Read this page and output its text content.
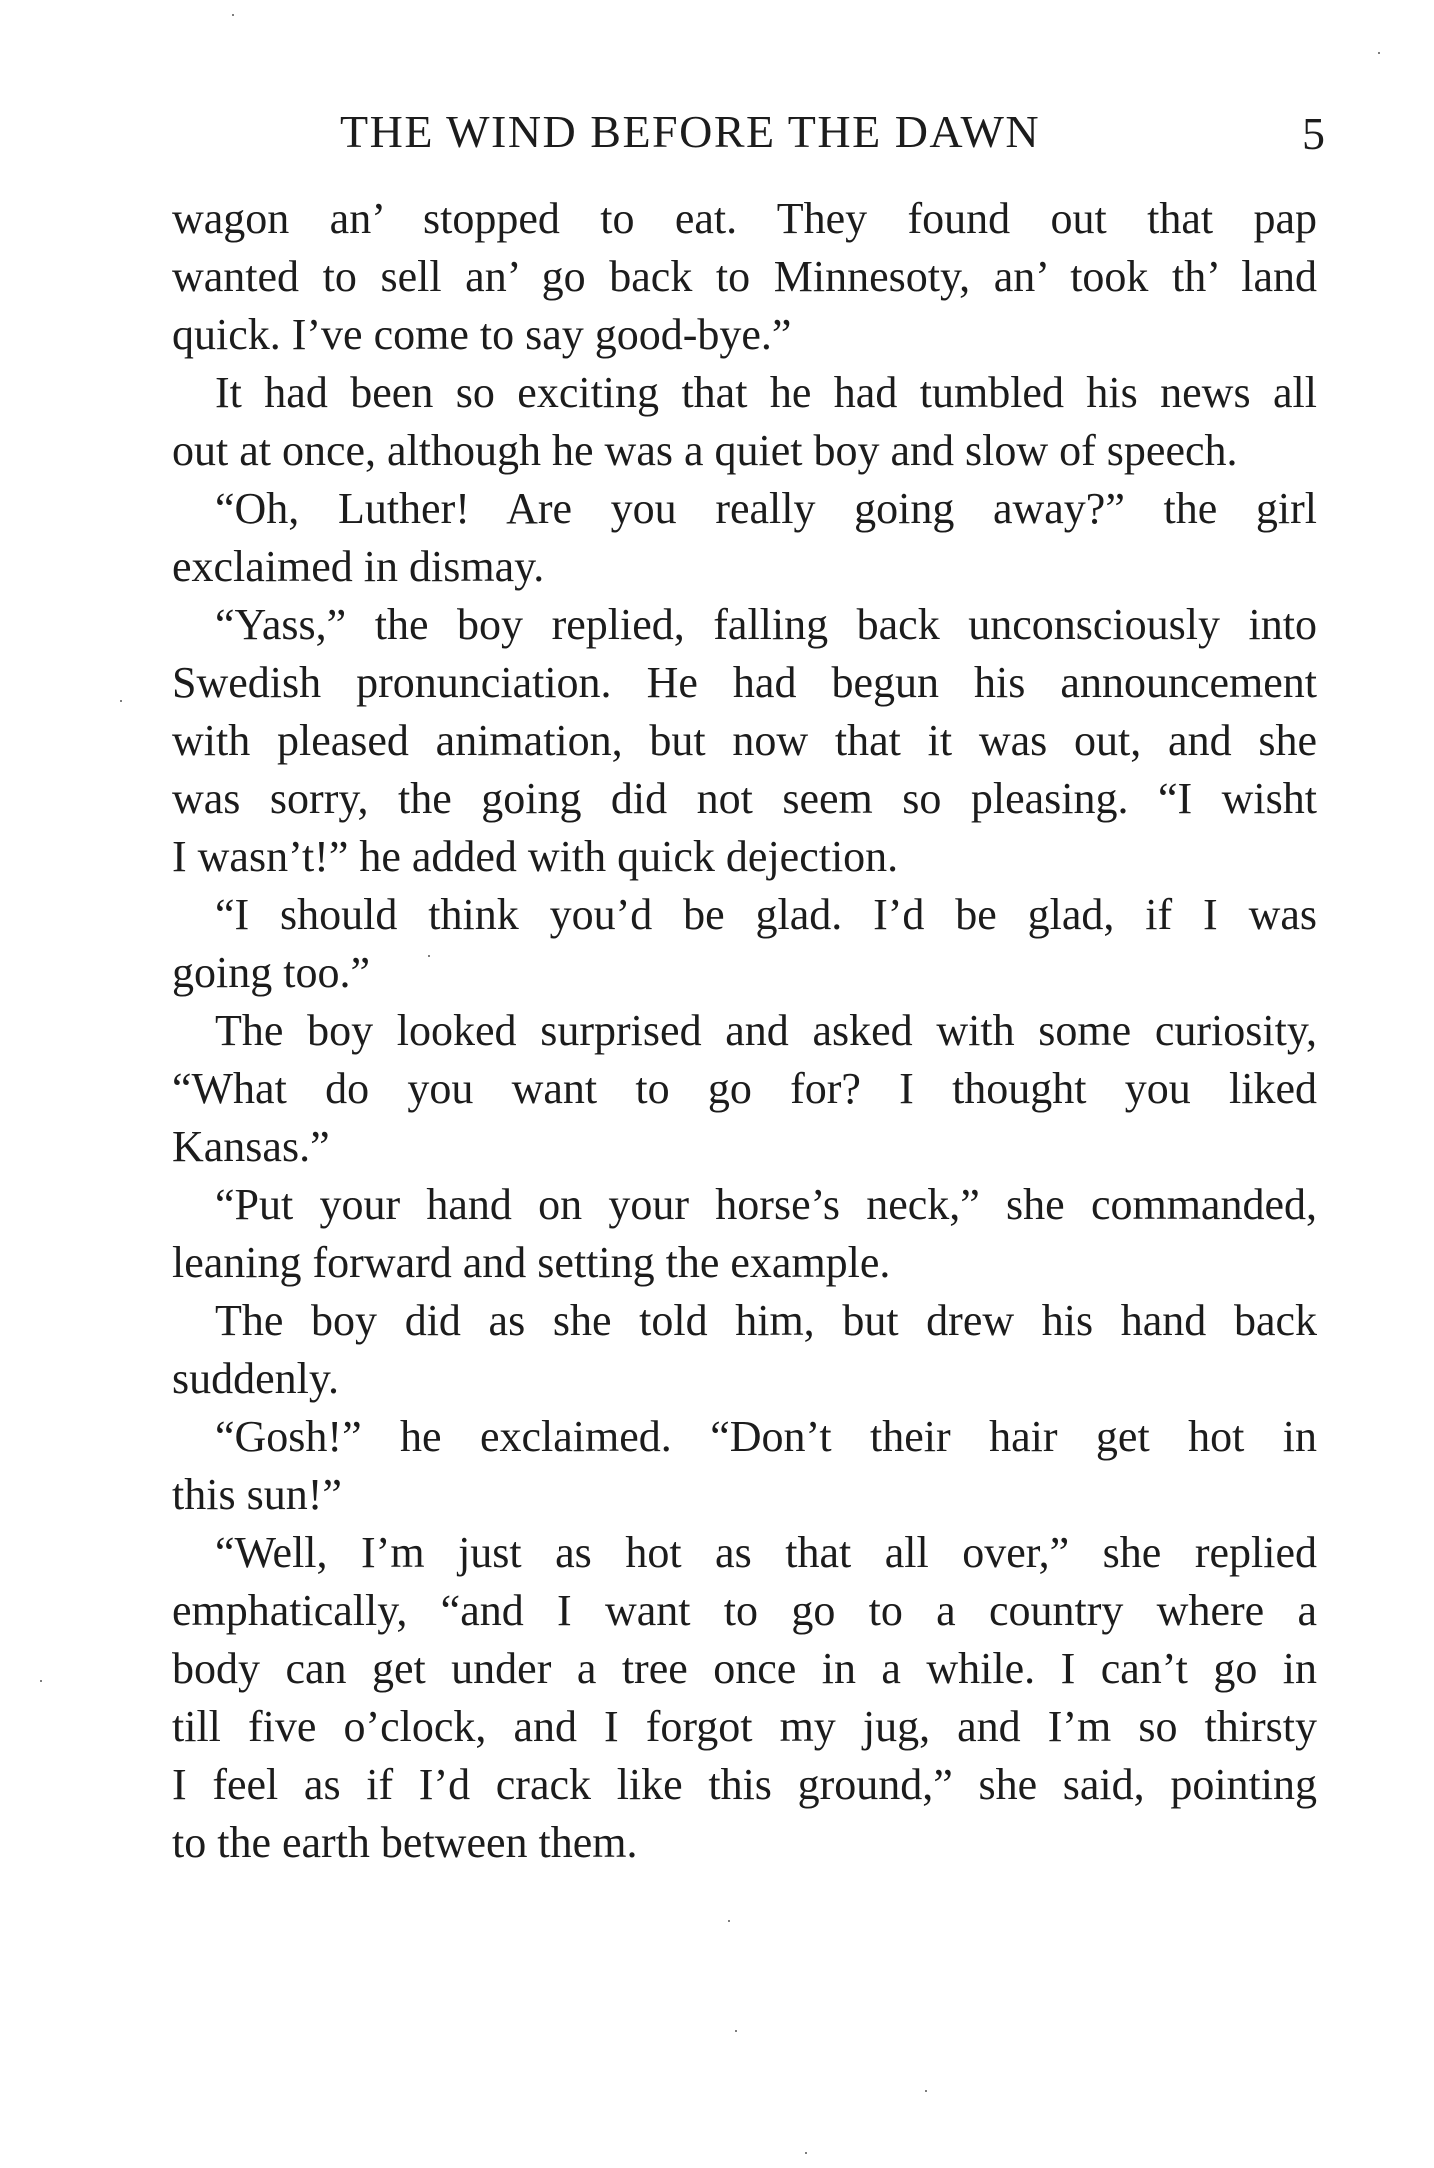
THE WIND BEFORE THE DAWN	5
wagon an’ stopped to eat. They found out that pap
wanted to sell an’ go back to Minnesoty, an’ took th’ land
quick. I’ve come to say good-bye.”
It had been so exciting that he had tumbled his news all
out at once, although he was a quiet boy and slow of speech.
“Oh, Luther! Are you really going away?” the girl
exclaimed in dismay.
“Yass,” the boy replied, falling back unconsciously into
Swedish pronunciation. He had begun his announcement
with pleased animation, but now that it was out, and she
was sorry, the going did not seem so pleasing. “I wisht
I wasn’t!” he added with quick dejection.
“I should think you’d be glad. I’d be glad, if I was
going too.”
The boy looked surprised and asked with some curiosity,
“What do you want to go for? I thought you liked
Kansas.”
“Put your hand on your horse’s neck,” she commanded,
leaning forward and setting the example.
The boy did as she told him, but drew his hand back
suddenly.
“Gosh!” he exclaimed. “Don’t their hair get hot in
this sun!”
“Well, I’m just as hot as that all over,” she replied
emphatically, “and I want to go to a country where a
body can get under a tree once in a while. I can’t go in
till five o’clock, and I forgot my jug, and I’m so thirsty
I feel as if I’d crack like this ground,” she said, pointing
to the earth between them.
